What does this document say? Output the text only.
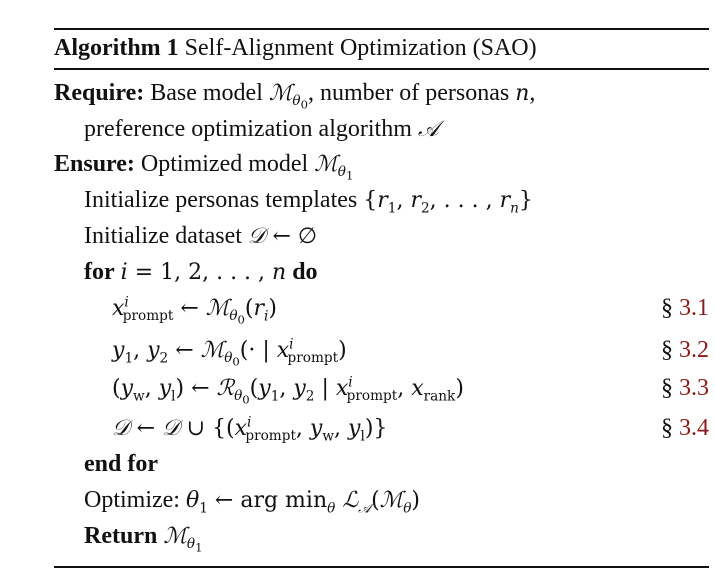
Algorithm 1 Self-Alignment Optimization (SAO)
Require: Base model ℳ$_{\theta_0}$, number of personas n,
preference optimization algorithm 𝒜
Ensure: Optimized model ℳ$_{\theta_1}$
Initialize personas templates {$r_1$, $r_2$, . . . , $r_n$}
Initialize dataset 𝒟 ← ∅
for i = 1, 2, . . . , n do
$x^i_{prompt}$ ← $ℳ_{\theta_0}(r_i)$	§ 3.1
$y_1$, $y_2$ ← ℳ$_{\theta_0}$(· | $x^i_{prompt}$)	§ 3.2
($y_w$, $y_l$) ← $ℛ_{\theta_0}(y_1$, $y_2$ | $x^i_{prompt}$, $x_{rank}$)	§ 3.3
𝒟 ← 𝒟 ∪ {($x^i_{prompt}$, $y_w$, $y_l$)}	§ 3.4
end for
Optimize: $\theta_1$ ← arg $\min_\theta$ ℒ$_𝒜$(ℳ$_\theta$)
Return ℳ$_{\theta_1}$
